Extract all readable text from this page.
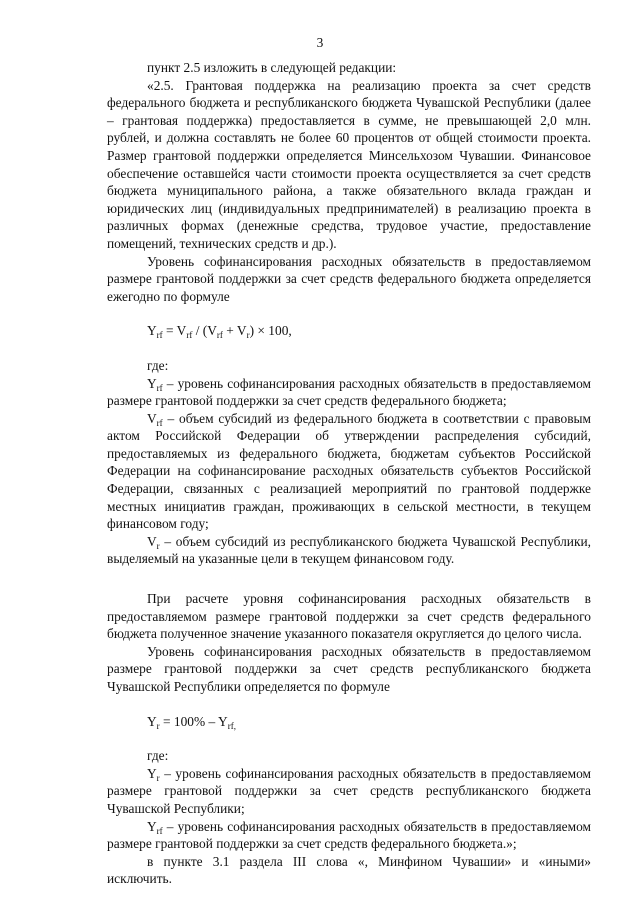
3

пункт 2.5 изложить в следующей редакции:

«2.5. Грантовая поддержка на реализацию проекта за счет средств федерального бюджета и республиканского бюджета Чувашской Республики (далее – грантовая поддержка) предоставляется в сумме, не превышающей 2,0 млн. рублей, и должна составлять не более 60 процентов от общей стоимости проекта. Размер грантовой поддержки определяется Минсельхозом Чувашии. Финансовое обеспечение оставшейся части стоимости проекта осуществляется за счет средств бюджета муниципального района, а также обязательного вклада граждан и юридических лиц (индивидуальных предпринимателей) в реализацию проекта в различных формах (денежные средства, трудовое участие, предоставление помещений, технических средств и др.).

Уровень софинансирования расходных обязательств в предоставляемом размере грантовой поддержки за счет средств федерального бюджета определяется ежегодно по формуле

$Y_{rf} = V_{rf} / (V_{rf} + V_r) \times 100$,

где:

$Y_{rf}$ – уровень софинансирования расходных обязательств в предоставляемом размере грантовой поддержки за счет средств федерального бюджета;

$V_{rf}$ – объем субсидий из федерального бюджета в соответствии с правовым актом Российской Федерации об утверждении распределения субсидий, предоставляемых из федерального бюджета, бюджетам субъектов Российской Федерации на софинансирование расходных обязательств субъектов Российской Федерации, связанных с реализацией мероприятий по грантовой поддержке местных инициатив граждан, проживающих в сельской местности, в текущем финансовом году;

$V_r$ – объем субсидий из республиканского бюджета Чувашской Республики, выделяемый на указанные цели в текущем финансовом году.

При расчете уровня софинансирования расходных обязательств в предоставляемом размере грантовой поддержки за счет средств федерального бюджета полученное значение указанного показателя округляется до целого числа.

Уровень софинансирования расходных обязательств в предоставляемом размере грантовой поддержки за счет средств республиканского бюджета Чувашской Республики определяется по формуле

$Y_r = 100\% - Y_{rf,}$

где:

$Y_r$ – уровень софинансирования расходных обязательств в предоставляемом размере грантовой поддержки за счет средств республиканского бюджета Чувашской Республики;

$Y_{rf}$ – уровень софинансирования расходных обязательств в предоставляемом размере грантовой поддержки за счет средств федерального бюджета.»;

в пункте 3.1 раздела III слова «, Минфином Чувашии» и «иными» исключить.
